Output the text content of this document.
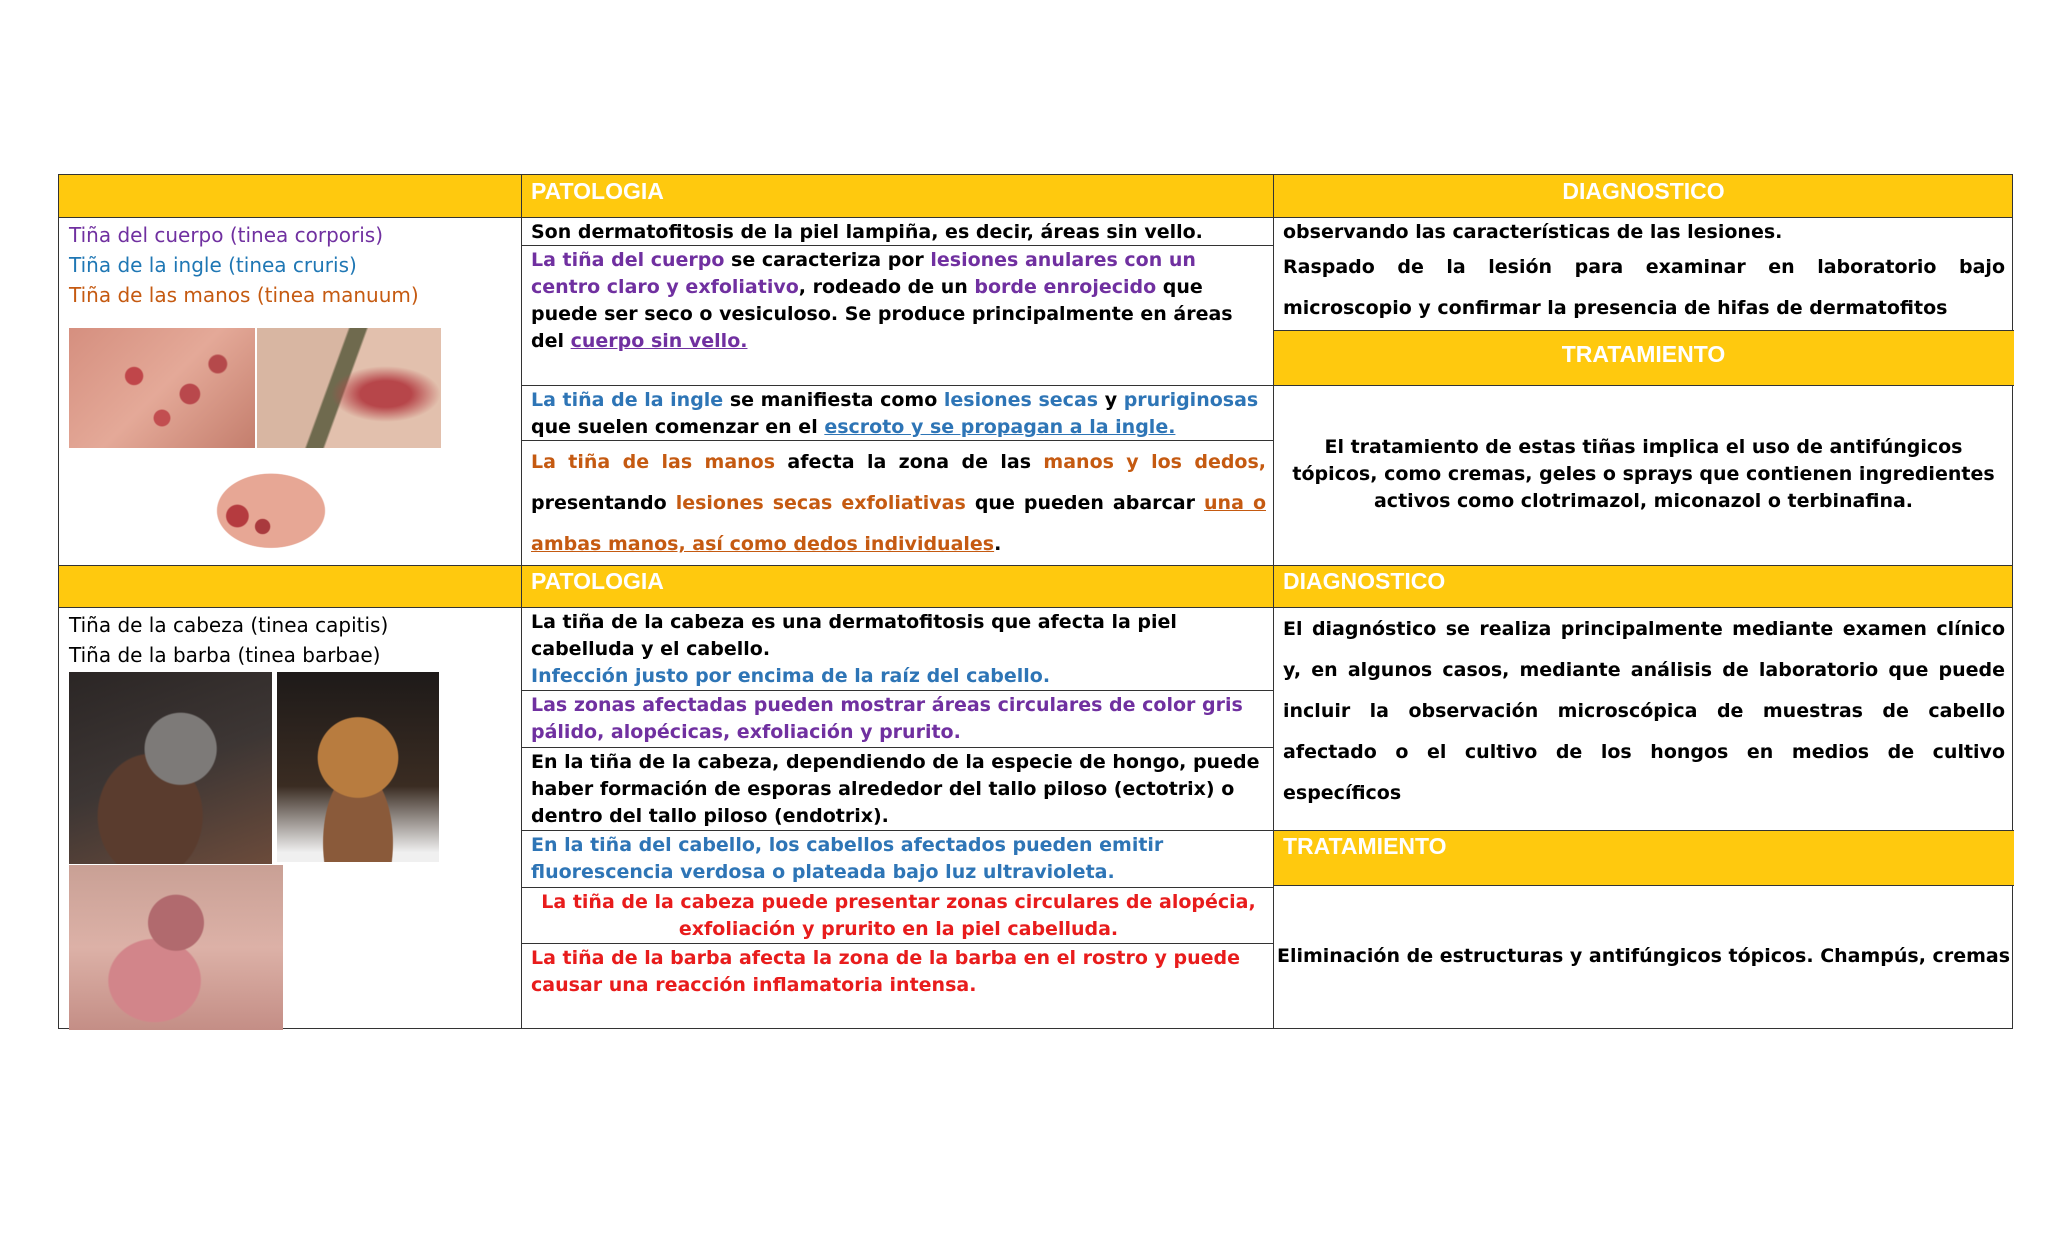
PATOLOGIA	DIAGNOSTICO
TRATAMIENTO
Tiña del cuerpo (tinea corporis)
Tiña de la ingle (tinea cruris)
Tiña de las manos (tinea manuum)
Son dermatofitosis de la piel lampiña, es decir, áreas sin vello.
La tiña del cuerpo se caracteriza por lesiones anulares con un centro claro y exfoliativo, rodeado de un borde enrojecido que puede ser seco o vesiculoso. Se produce principalmente en áreas del cuerpo sin vello.
La tiña de la ingle se manifiesta como lesiones secas y pruriginosas que suelen comenzar en el escroto y se propagan a la ingle.
La tiña de las manos afecta la zona de las manos y los dedos, presentando lesiones secas exfoliativas que pueden abarcar una o ambas manos, así como dedos individuales.
observando las características de las lesiones.
Raspado de la lesión para examinar en laboratorio bajo microscopio y confirmar la presencia de hifas de dermatofitos
El tratamiento de estas tiñas implica el uso de antifúngicos tópicos, como cremas, geles o sprays que contienen ingredientes activos como clotrimazol, miconazol o terbinafina.
PATOLOGIA	DIAGNOSTICO
TRATAMIENTO
Tiña de la cabeza (tinea capitis)
Tiña de la barba (tinea barbae)
La tiña de la cabeza es una dermatofitosis que afecta la piel cabelluda y el cabello.
Infección justo por encima de la raíz del cabello.
Las zonas afectadas pueden mostrar áreas circulares de color gris pálido, alopécicas, exfoliación y prurito.
En la tiña de la cabeza, dependiendo de la especie de hongo, puede haber formación de esporas alrededor del tallo piloso (ectotrix) o dentro del tallo piloso (endotrix).
En la tiña del cabello, los cabellos afectados pueden emitir fluorescencia verdosa o plateada bajo luz ultravioleta.
La tiña de la cabeza puede presentar zonas circulares de alopécia, exfoliación y prurito en la piel cabelluda.
La tiña de la barba afecta la zona de la barba en el rostro y puede causar una reacción inflamatoria intensa.
El diagnóstico se realiza principalmente mediante examen clínico y, en algunos casos, mediante análisis de laboratorio que puede incluir la observación microscópica de muestras de cabello afectado o el cultivo de los hongos en medios de cultivo específicos
Eliminación de estructuras y antifúngicos tópicos. Champús, cremas
